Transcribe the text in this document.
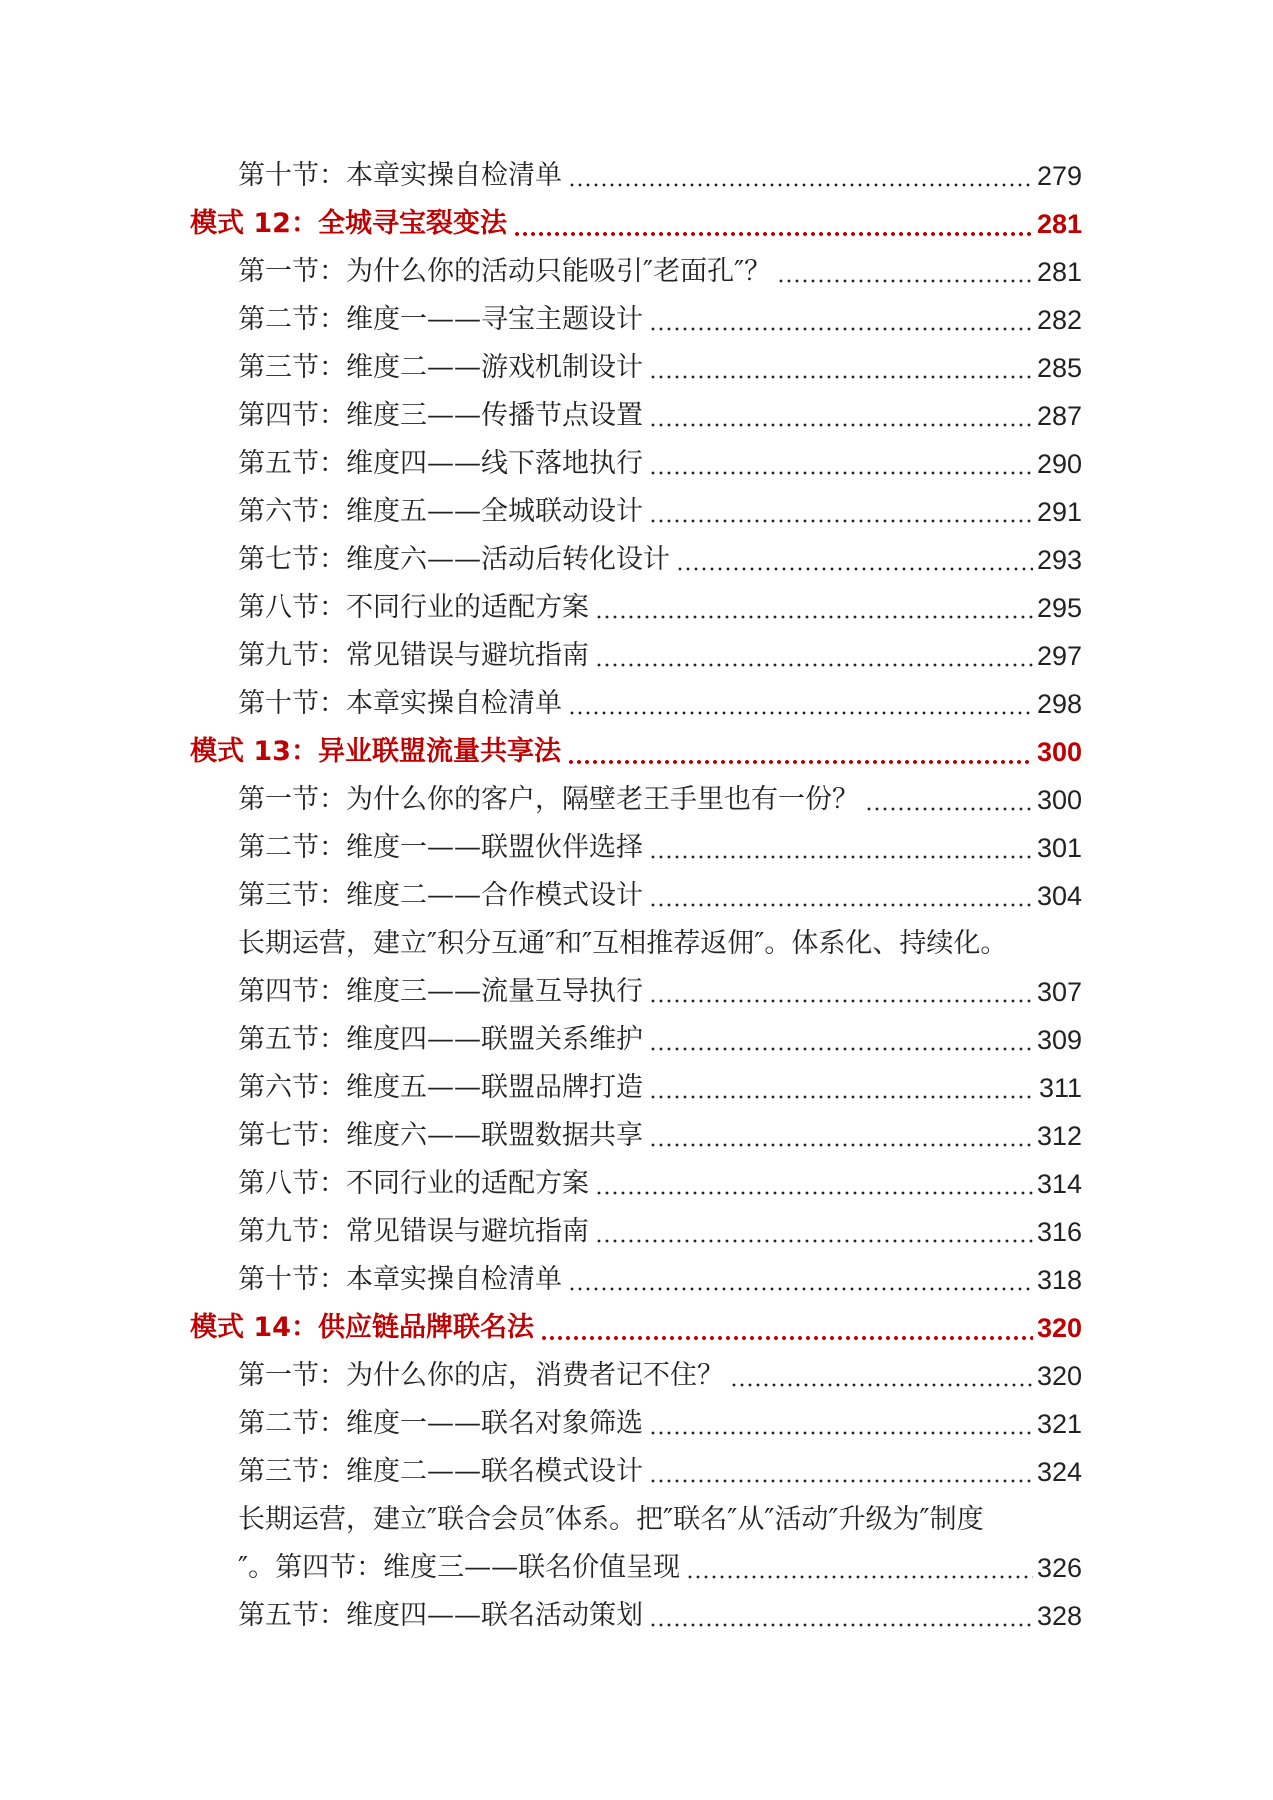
第十节：本章实操自检清单	279
模式 12：全城寻宝裂变法	281
第一节：为什么你的活动只能吸引″老面孔″？	281
第二节：维度一——寻宝主题设计	282
第三节：维度二——游戏机制设计	285
第四节：维度三——传播节点设置	287
第五节：维度四——线下落地执行	290
第六节：维度五——全城联动设计	291
第七节：维度六——活动后转化设计	293
第八节：不同行业的适配方案	295
第九节：常见错误与避坑指南	297
第十节：本章实操自检清单	298
模式 13：异业联盟流量共享法	300
第一节：为什么你的客户，隔壁老王手里也有一份？	300
第二节：维度一——联盟伙伴选择	301
第三节：维度二——合作模式设计	304
长期运营，建立″积分互通″和″互相推荐返佣″。体系化、持续化。
第四节：维度三——流量互导执行	307
第五节：维度四——联盟关系维护	309
第六节：维度五——联盟品牌打造	311
第七节：维度六——联盟数据共享	312
第八节：不同行业的适配方案	314
第九节：常见错误与避坑指南	316
第十节：本章实操自检清单	318
模式 14：供应链品牌联名法	320
第一节：为什么你的店，消费者记不住？	320
第二节：维度一——联名对象筛选	321
第三节：维度二——联名模式设计	324
长期运营，建立″联合会员″体系。把″联名″从″活动″升级为″制度
″。第四节：维度三——联名价值呈现	326
第五节：维度四——联名活动策划	328
